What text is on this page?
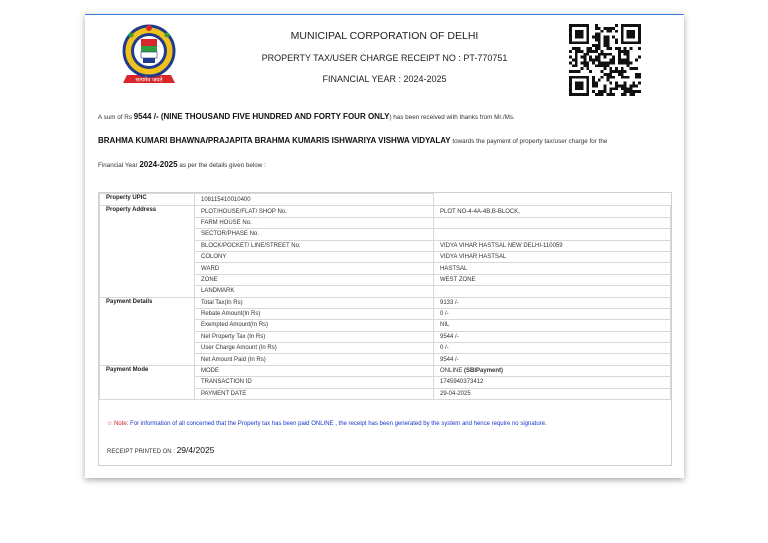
सत्यमेव जयते
MUNICIPAL CORPORATION OF DELHI
PROPERTY TAX/USER CHARGE RECEIPT NO : PT-770751
FINANCIAL YEAR : 2024-2025
A sum of Rs 9544 /- (NINE THOUSAND FIVE HUNDRED AND FORTY FOUR ONLY) has been received with thanks from Mr./Ms.
BRAHMA KUMARI BHAWNA/PRAJAPITA BRAHMA KUMARIS ISHWARIYA VISHWA VIDYALAY towards the payment of property tax/user charge for the
Financial Year 2024-2025 as per the details given below :
Property UPIC	108115410010400	
Property Address	PLOT/HOUSE/FLAT/ SHOP No.	PLOT NO-4-4A-4B,B-BLOCK,
	FARM HOUSE No.	
	SECTOR/PHASE No.	
	BLOCK/POCKET/ LINE/STREET No.	VIDYA VIHAR HASTSAL NEW DELHI-110059
	COLONY	VIDYA VIHAR HASTSAL
	WARD	HASTSAL
	ZONE	WEST ZONE
	LANDMARK	
Payment Details	Total Tax(In Rs)	9133 /-
	Rebate Amount(In Rs)	0 /-
	Exempted Amount(In Rs)	NIL
	Net Property Tax (In Rs)	9544 /-
	User Charge Amount (In Rs)	0 /-
	Net Amount Paid (In Rs)	9544 /-
Payment Mode	MODE	ONLINE (SBIPayment)
	TRANSACTION ID	1745940373412
	PAYMENT DATE	29-04-2025
☆ Note: For information of all concerned that the Property tax has been paid ONLINE , the receipt has been generated by the system and hence require no signature.
RECEIPT PRINTED ON : 29/4/2025
